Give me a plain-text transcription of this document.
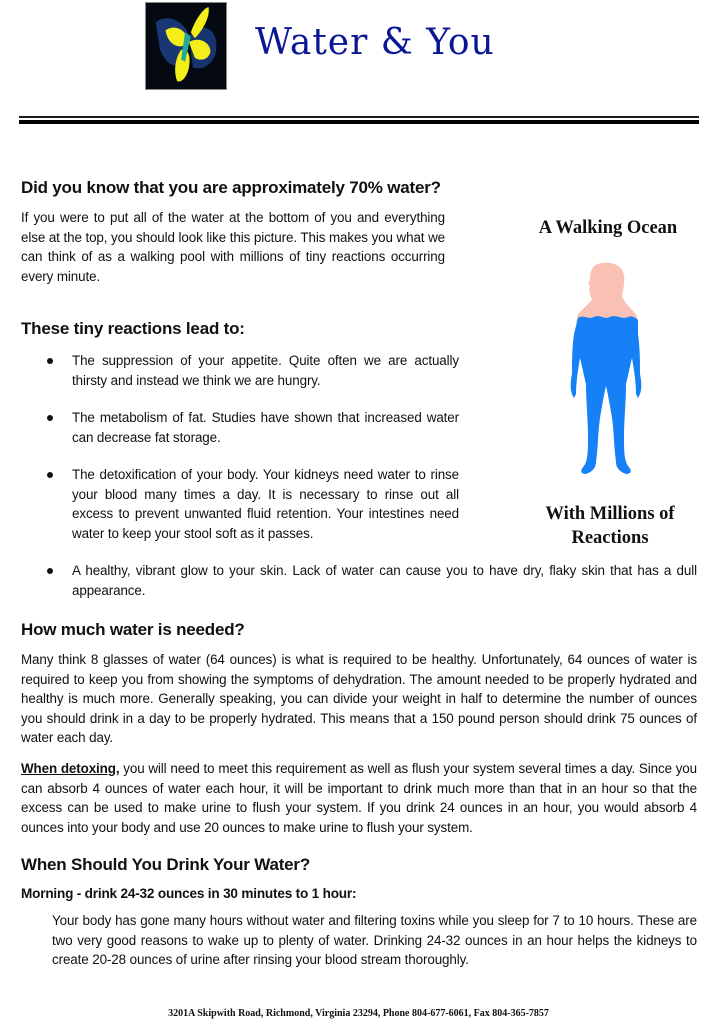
Water & You
Did you know that you are approximately 70% water?
If you were to put all of the water at the bottom of you and everything else at the top, you should look like this picture. This makes you what we can think of as a walking pool with millions of tiny reactions occurring every minute.
A Walking Ocean
With Millions of
Reactions
These tiny reactions lead to:
The suppression of your appetite. Quite often we are actually thirsty and instead we think we are hungry.
The metabolism of fat. Studies have shown that increased water can decrease fat storage.
The detoxification of your body. Your kidneys need water to rinse your blood many times a day. It is necessary to rinse out all excess to prevent unwanted fluid retention. Your intestines need water to keep your stool soft as it passes.
A healthy, vibrant glow to your skin. Lack of water can cause you to have dry, flaky skin that has a dull appearance.
How much water is needed?
Many think 8 glasses of water (64 ounces) is what is required to be healthy. Unfortunately, 64 ounces of water is required to keep you from showing the symptoms of dehydration. The amount needed to be properly hydrated and healthy is much more. Generally speaking, you can divide your weight in half to determine the number of ounces you should drink in a day to be properly hydrated. This means that a 150 pound person should drink 75 ounces of water each day.
When detoxing, you will need to meet this requirement as well as flush your system several times a day. Since you can absorb 4 ounces of water each hour, it will be important to drink much more than that in an hour so that the excess can be used to make urine to flush your system. If you drink 24 ounces in an hour, you would absorb 4 ounces into your body and use 20 ounces to make urine to flush your system.
When Should You Drink Your Water?
Morning - drink 24-32 ounces in 30 minutes to 1 hour:
Your body has gone many hours without water and filtering toxins while you sleep for 7 to 10 hours. These are two very good reasons to wake up to plenty of water. Drinking 24-32 ounces in an hour helps the kidneys to create 20-28 ounces of urine after rinsing your blood stream thoroughly.
3201A Skipwith Road, Richmond, Virginia 23294, Phone 804-677-6061, Fax 804-365-7857
